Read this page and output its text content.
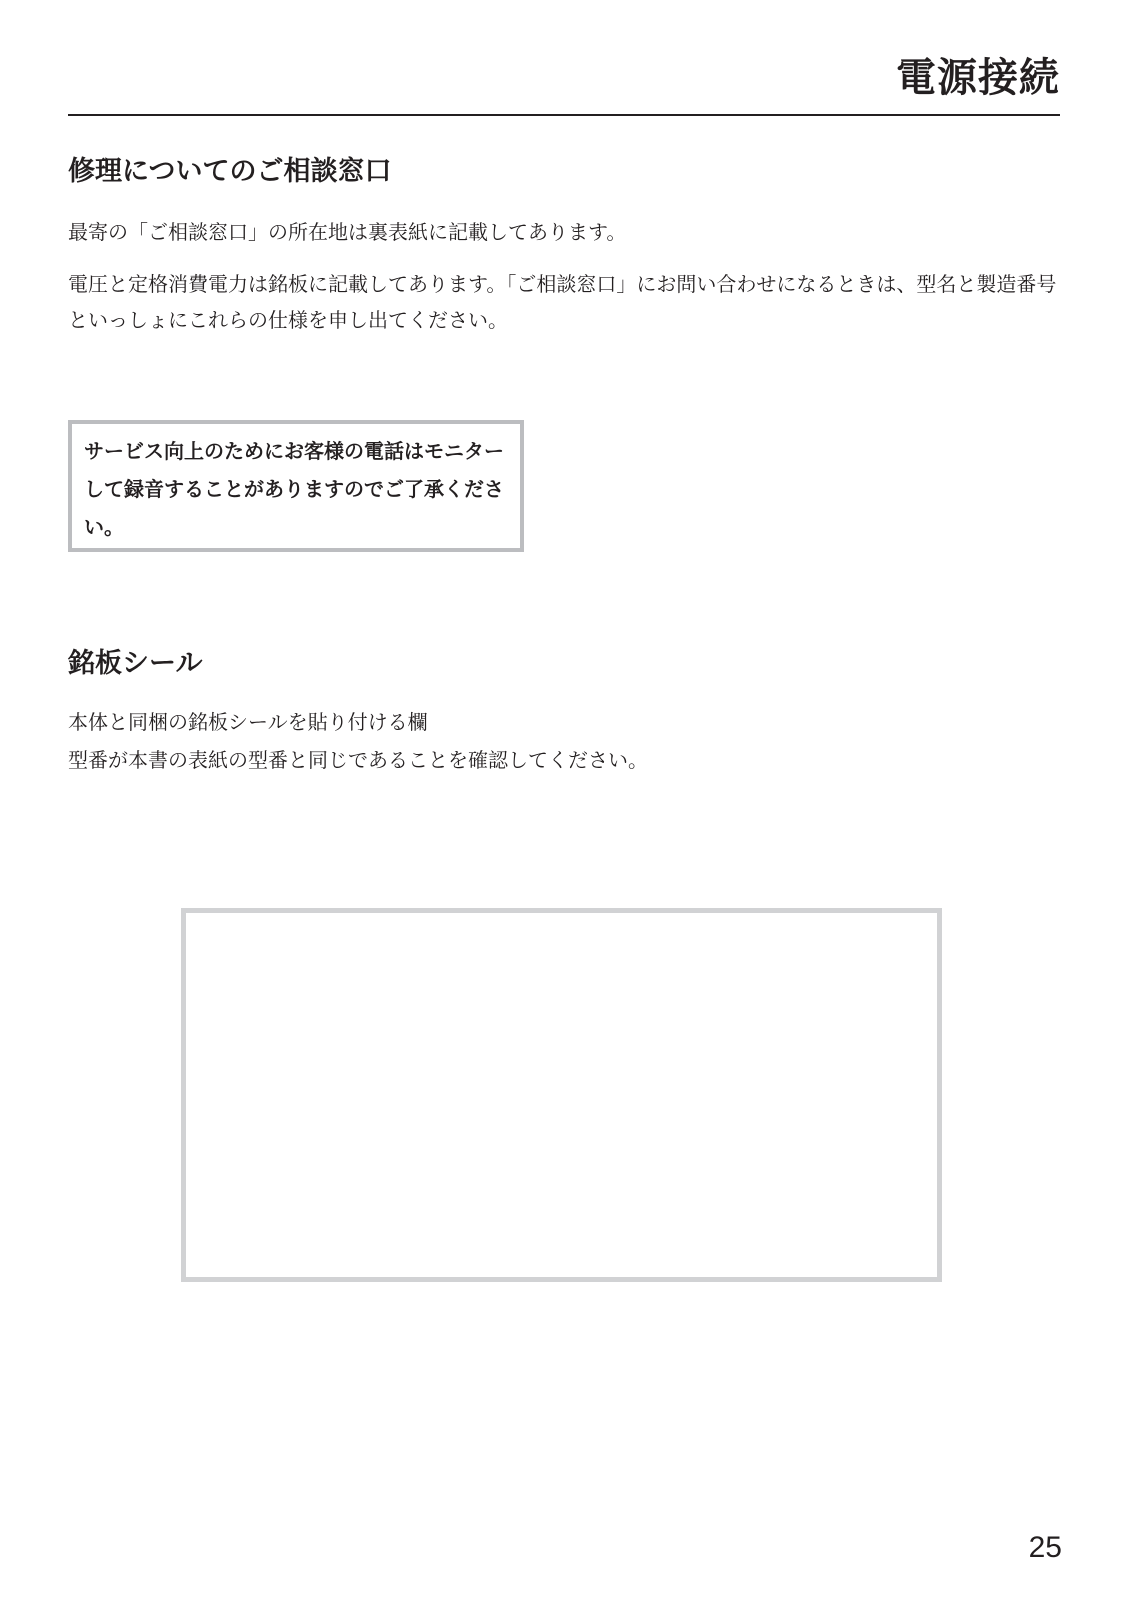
電源接続
修理についてのご相談窓口

最寄の「ご相談窓口」の所在地は裏表紙に記載してあります。

電圧と定格消費電力は銘板に記載してあります。「ご相談窓口」にお問い合わせになるときは、型名と製造番号といっしょにこれらの仕様を申し出てください。

サービス向上のためにお客様の電話はモニターして録音することがありますのでご了承ください。

銘板シール

本体と同梱の銘板シールを貼り付ける欄

型番が本書の表紙の型番と同じであることを確認してください。

25
